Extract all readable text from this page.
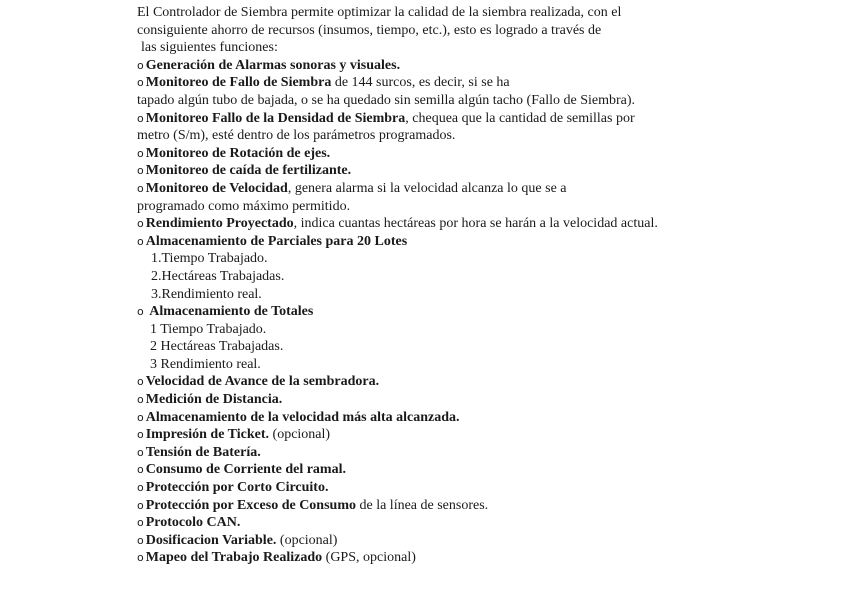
El Controlador de Siembra permite optimizar la calidad de la siembra realizada, con el
consiguiente ahorro de recursos (insumos, tiempo, etc.), esto es logrado a través de
las siguientes funciones:
o Generación de Alarmas sonoras y visuales.
o Monitoreo de Fallo de Siembra de 144 surcos, es decir, si se ha
tapado algún tubo de bajada, o se ha quedado sin semilla algún tacho (Fallo de Siembra).
o Monitoreo Fallo de la Densidad de Siembra, chequea que la cantidad de semillas por
metro (S/m), esté dentro de los parámetros programados.
o Monitoreo de Rotación de ejes.
o Monitoreo de caída de fertilizante.
o Monitoreo de Velocidad, genera alarma si la velocidad alcanza lo que se a
programado como máximo permitido.
o Rendimiento Proyectado, indica cuantas hectáreas por hora se harán a la velocidad actual.
o Almacenamiento de Parciales para 20 Lotes
1.Tiempo Trabajado.
2.Hectáreas Trabajadas.
3.Rendimiento real.
o Almacenamiento de Totales
1 Tiempo Trabajado.
2 Hectáreas Trabajadas.
3 Rendimiento real.
o Velocidad de Avance de la sembradora.
o Medición de Distancia.
o Almacenamiento de la velocidad más alta alcanzada.
o Impresión de Ticket. (opcional)
o Tensión de Batería.
o Consumo de Corriente del ramal.
o Protección por Corto Circuito.
o Protección por Exceso de Consumo de la línea de sensores.
o Protocolo CAN.
o Dosificacion Variable. (opcional)
o Mapeo del Trabajo Realizado (GPS, opcional)
